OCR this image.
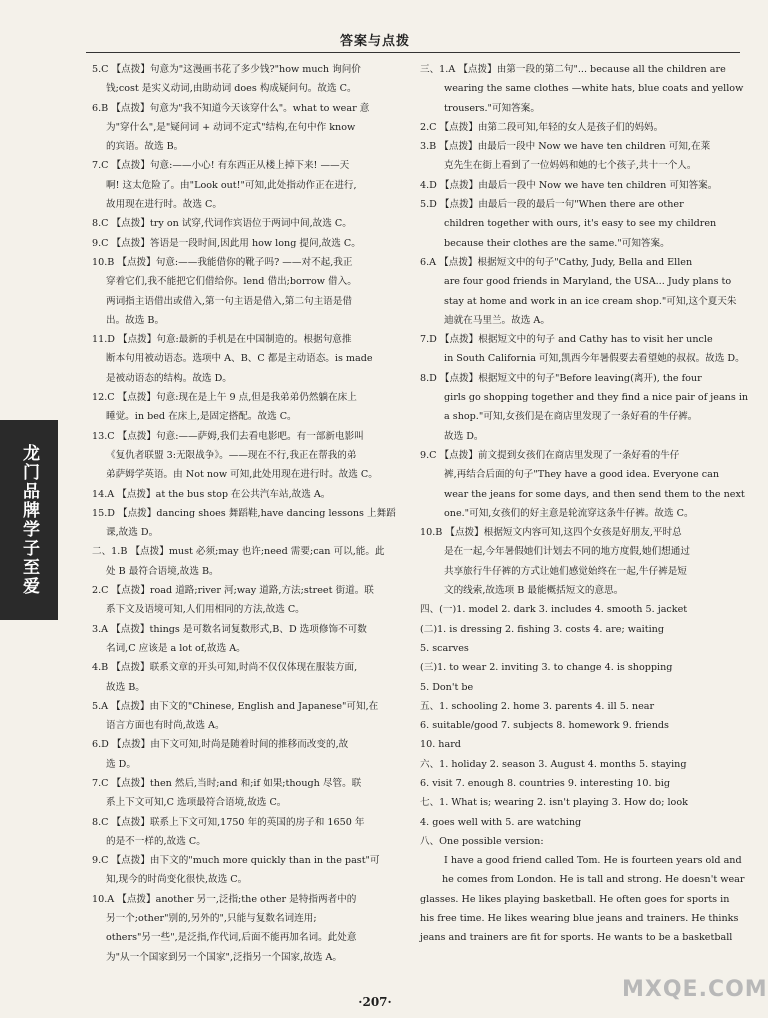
答案与点拨
龙门品牌
学子至爱
5.C 【点拨】句意为"这漫画书花了多少钱?"how much 询问价
钱;cost 是实义动词,由助动词 does 构成疑问句。故选 C。
6.B 【点拨】句意为"我不知道今天该穿什么"。what to wear 意
为"穿什么",是"疑问词 + 动词不定式"结构,在句中作 know
的宾语。故选 B。
7.C 【点拨】句意:——小心! 有东西正从楼上掉下来! ——天
啊! 这太危险了。由"Look out!"可知,此处指动作正在进行,
故用现在进行时。故选 C。
8.C 【点拨】try on 试穿,代词作宾语位于两词中间,故选 C。
9.C 【点拨】答语是一段时间,因此用 how long 提问,故选 C。
10.B 【点拨】句意:——我能借你的靴子吗? ——对不起,我正
穿着它们,我不能把它们借给你。lend 借出;borrow 借入。
两词指主语借出或借入,第一句主语是借入,第二句主语是借
出。故选 B。
11.D 【点拨】句意:最新的手机是在中国制造的。根据句意推
断本句用被动语态。选项中 A、B、C 都是主动语态。is made
是被动语态的结构。故选 D。
12.C 【点拨】句意:现在是上午 9 点,但是我弟弟仍然躺在床上
睡觉。in bed 在床上,是固定搭配。故选 C。
13.C 【点拨】句意:——萨姆,我们去看电影吧。有一部新电影叫
《复仇者联盟 3:无限战争》。——现在不行,我正在帮我的弟
弟萨姆学英语。由 Not now 可知,此处用现在进行时。故选 C。
14.A 【点拨】at the bus stop 在公共汽车站,故选 A。
15.D 【点拨】dancing shoes 舞蹈鞋,have dancing lessons 上舞蹈
课,故选 D。
二、1.B 【点拨】must 必须;may 也许;need 需要;can 可以,能。此
处 B 最符合语境,故选 B。
2.C 【点拨】road 道路;river 河;way 道路,方法;street 街道。联
系下文及语境可知,人们用相同的方法,故选 C。
3.A 【点拨】things 是可数名词复数形式,B、D 选项修饰不可数
名词,C 应该是 a lot of,故选 A。
4.B 【点拨】联系文章的开头可知,时尚不仅仅体现在服装方面,
故选 B。
5.A 【点拨】由下文的"Chinese, English and Japanese"可知,在
语言方面也有时尚,故选 A。
6.D 【点拨】由下文可知,时尚是随着时间的推移而改变的,故
选 D。
7.C 【点拨】then 然后,当时;and 和;if 如果;though 尽管。联
系上下文可知,C 选项最符合语境,故选 C。
8.C 【点拨】联系上下文可知,1750 年的英国的房子和 1650 年
的是不一样的,故选 C。
9.C 【点拨】由下文的"much more quickly than in the past"可
知,现今的时尚变化很快,故选 C。
10.A 【点拨】another 另一,泛指;the other 是特指两者中的
另一个;other"别的,另外的",只能与复数名词连用;
others"另一些",是泛指,作代词,后面不能再加名词。此处意
为"从一个国家到另一个国家",泛指另一个国家,故选 A。
三、1.A 【点拨】由第一段的第二句"... because all the children are
wearing the same clothes —white hats, blue coats and yellow
trousers."可知答案。
2.C 【点拨】由第二段可知,年轻的女人是孩子们的妈妈。
3.B 【点拨】由最后一段中 Now we have ten children 可知,在莱
克先生在街上看到了一位妈妈和她的七个孩子,共十一个人。
4.D 【点拨】由最后一段中 Now we have ten children 可知答案。
5.D 【点拨】由最后一段的最后一句"When there are other
children together with ours, it's easy to see my children
because their clothes are the same."可知答案。
6.A 【点拨】根据短文中的句子"Cathy, Judy, Bella and Ellen
are four good friends in Maryland, the USA... Judy plans to
stay at home and work in an ice cream shop."可知,这个夏天朱
迪就在马里兰。故选 A。
7.D 【点拨】根据短文中的句子 and Cathy has to visit her uncle
in South California 可知,凯西今年暑假要去看望她的叔叔。故选 D。
8.D 【点拨】根据短文中的句子"Before leaving(离开), the four
girls go shopping together and they find a nice pair of jeans in
a shop."可知,女孩们是在商店里发现了一条好看的牛仔裤。
故选 D。
9.C 【点拨】前文提到女孩们在商店里发现了一条好看的牛仔
裤,再结合后面的句子"They have a good idea. Everyone can
wear the jeans for some days, and then send them to the next
one."可知,女孩们的好主意是轮流穿这条牛仔裤。故选 C。
10.B 【点拨】根据短文内容可知,这四个女孩是好朋友,平时总
是在一起,今年暑假她们计划去不同的地方度假,她们想通过
共享旅行牛仔裤的方式让她们感觉始终在一起,牛仔裤是短
文的线索,故选项 B 最能概括短文的意思。
四、(一)1. model 2. dark 3. includes 4. smooth 5. jacket
(二)1. is dressing 2. fishing 3. costs 4. are; waiting
5. scarves
(三)1. to wear 2. inviting 3. to change 4. is shopping
5. Don't be
五、1. schooling 2. home 3. parents 4. ill 5. near
6. suitable/good 7. subjects 8. homework 9. friends
10. hard
六、1. holiday 2. season 3. August 4. months 5. staying
6. visit 7. enough 8. countries 9. interesting 10. big
七、1. What is; wearing 2. isn't playing 3. How do; look
4. goes well with 5. are watching
八、One possible version:
I have a good friend called Tom. He is fourteen years old and
he comes from London. He is tall and strong. He doesn't wear
glasses. He likes playing basketball. He often goes for sports in
his free time. He likes wearing blue jeans and trainers. He thinks
jeans and trainers are fit for sports. He wants to be a basketball
·207·	MXQE.COM
